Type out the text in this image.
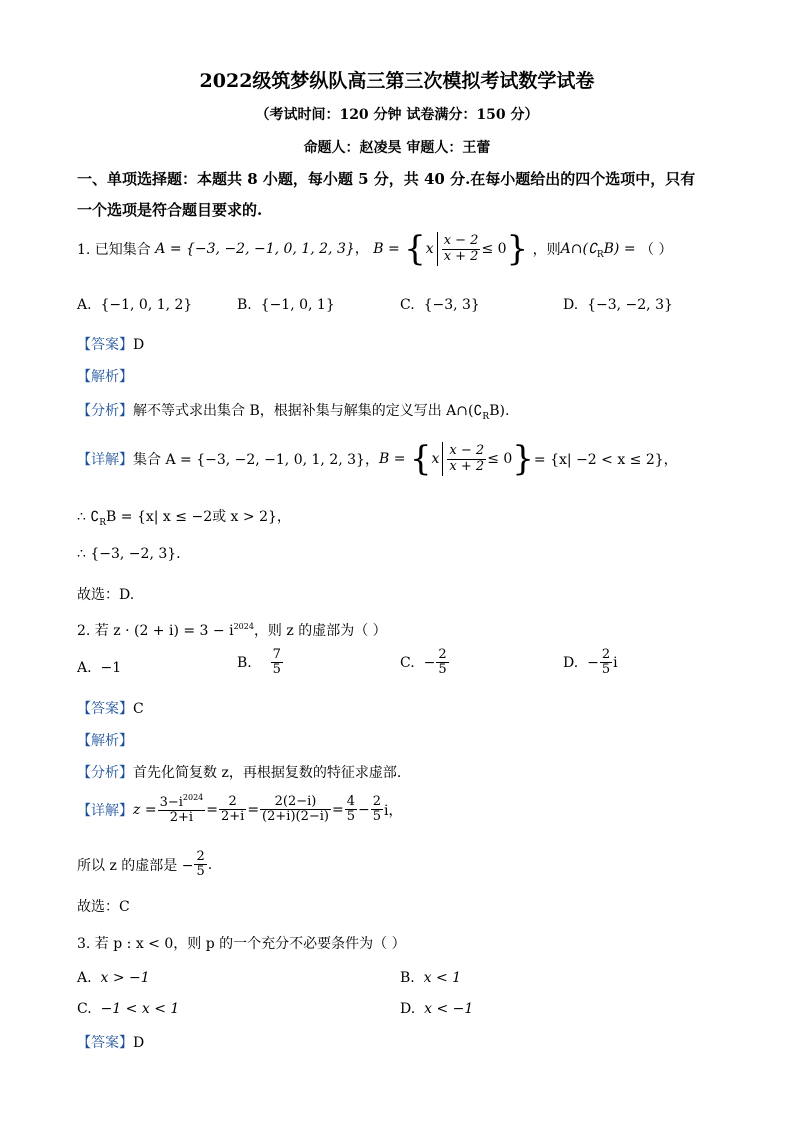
2022级筑梦纵队高三第三次模拟考试数学试卷
（考试时间：120 分钟 试卷满分：150 分）
命题人：赵凌昊 审题人：王蕾
一、单项选择题：本题共 8 小题，每小题 5 分，共 40 分.在每小题给出的四个选项中，只有
一个选项是符合题目要求的.
1. 已知集合 A = {−3, −2, −1, 0, 1, 2, 3}， $B = \{x \frac{x - 2}{x + 2} \le 0\}$ ，则$A\cap(∁_RB)$ = （ ）
A. {−1, 0, 1, 2}	B. {−1, 0, 1}	C. {−3, 3}	D. {−3, −2, 3}
【答案】D
【解析】
【分析】解不等式求出集合 B，根据补集与解集的定义写出 $A\cap(∁_RB)$.
【详解】集合 A = {−3, −2, −1, 0, 1, 2, 3}，$B = \{x \frac{x - 2}{x + 2} \le 0\}= \{x| -2 < x \le 2\}$，
∴ $∁_RB = \{x|$ x ≤ −2或 x > 2}，
∴ {−3, −2, 3}.
故选：D.
2. 若 $z \cdot (2 + i) = 3 - i^{2024}$，则 z 的虚部为（ ）
A. −1	B. $\frac{7}{5}$	C. − $\frac{2}{5}$	D. − $\frac{2}{5}$ i
【答案】C
【解析】
【分析】首先化简复数 z，再根据复数的特征求虚部.
【详解】$z = \frac{3-i^{2024}}{2+i} = \frac{2}{2+i} = \frac{2(2-i)}{(2+i)(2-i)} = \frac{4}{5} - \frac{2}{5}$ i，
所以 z 的虚部是 − $\frac{2}{5}$ .
故选：C
3. 若 p : x < 0，则 p 的一个充分不必要条件为（ ）
A. x > −1	B. x < 1
C. −1 < x < 1	D. x < −1
【答案】D
